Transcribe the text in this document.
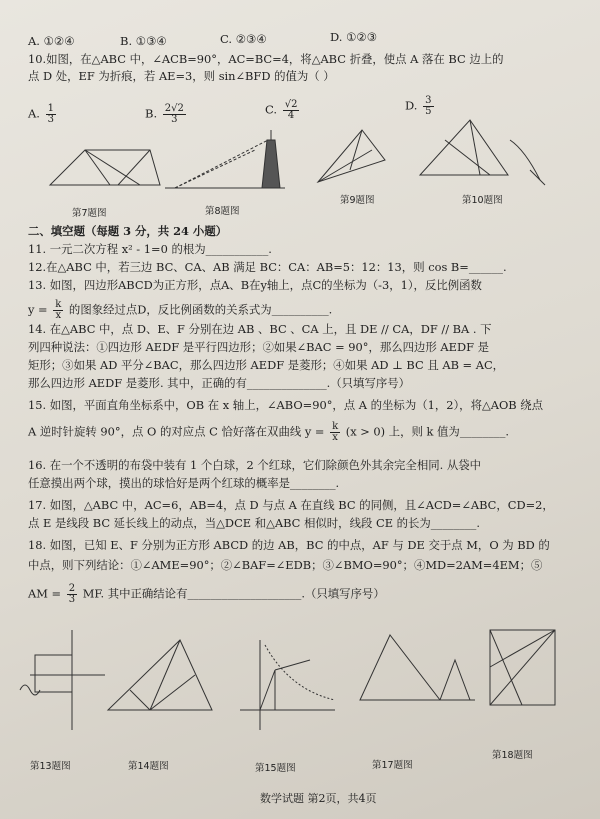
A. ①②④	B. ①③④	C. ②③④	D. ①②③
10.如图，在△ABC 中，∠ACB=90°，AC=BC=4，将△ABC 折叠，使点 A 落在 BC 边上的
点 D 处，EF 为折痕，若 AE=3，则 sin∠BFD 的值为（ ）
A. $\frac{1}{3}$	B. $\frac{2√2}{3}$	C. $\frac{√2}{4}$	D. $\frac{3}{5}$
第7题图	第8题图
第9题图	第10题图
二、填空题（每题 3 分，共 24 小题）
11. 一元二次方程 x² - 1=0 的根为___________.
12.在△ABC 中，若三边 BC、CA、AB 满足 BC：CA：AB=5：12：13，则 cos B=______.
13. 如图，四边形ABCD为正方形，点A、B在y轴上，点C的坐标为（-3，1），反比例函数
$y = \frac{k}{x}$ 的图象经过点D，反比例函数的关系式为__________.
14. 在△ABC 中，点 D、E、F 分别在边 AB 、BC 、CA 上，且 DE // CA，DF // BA . 下
列四种说法：①四边形 AEDF 是平行四边形；②如果∠BAC = 90°，那么四边形 AEDF 是
矩形；③如果 AD 平分∠BAC，那么四边形 AEDF 是菱形；④如果 AD ⊥ BC 且 AB = AC，
那么四边形 AEDF 是菱形. 其中，正确的有______________.（只填写序号）
15. 如图，平面直角坐标系中，OB 在 x 轴上，∠ABO=90°，点 A 的坐标为（1，2），将△AOB 绕点
A 逆时针旋转 90°，点 O 的对应点 C 恰好落在双曲线 $y = \frac{k}{x} (x > 0)$ 上，则 k 值为________.
16. 在一个不透明的布袋中装有 1 个白球，2 个红球，它们除颜色外其余完全相同. 从袋中
任意摸出两个球，摸出的球恰好是两个红球的概率是________.
17. 如图，△ABC 中，AC=6，AB=4，点 D 与点 A 在直线 BC 的同侧，且∠ACD=∠ABC，CD=2，
点 E 是线段 BC 延长线上的动点，当△DCE 和△ABC 相似时，线段 CE 的长为________.
18. 如图，已知 E、F 分别为正方形 ABCD 的边 AB，BC 的中点，AF 与 DE 交于点 M，O 为 BD 的
中点，则下列结论：①∠AME=90°；②∠BAF=∠EDB；③∠BMO=90°；④MD=2AM=4EM；⑤
AM = $\frac{2}{3}$ MF. 其中正确结论有____________________.（只填写序号）
第13题图	第14题图	第15题图	第17题图
第18题图
数学试题 第2页，共4页
